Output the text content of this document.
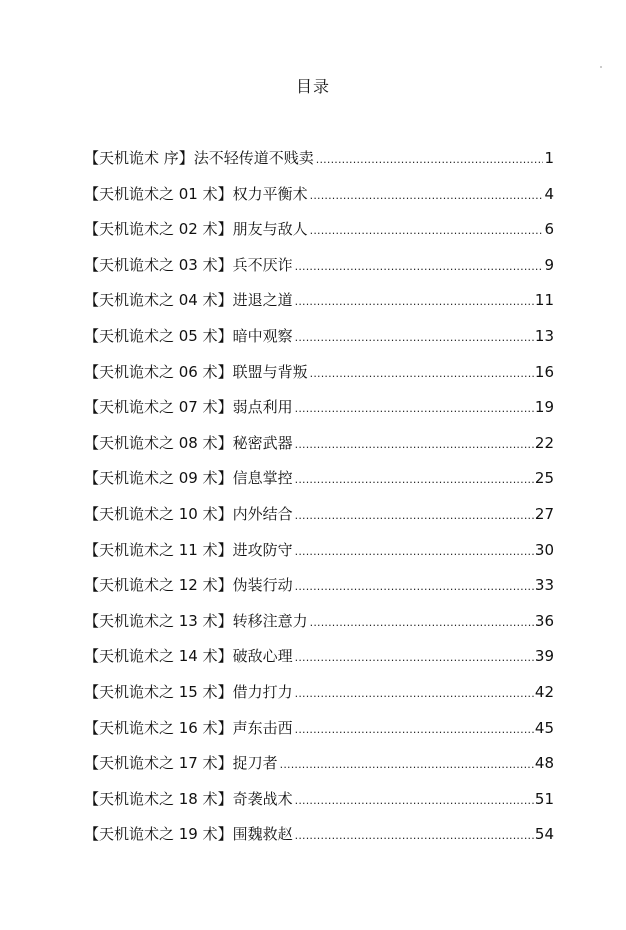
目录
【天机诡术 序】法不轻传道不贱卖 .....	1
【天机诡术之 01 术】权力平衡术 .....	4
【天机诡术之 02 术】朋友与敌人 .....	6
【天机诡术之 03 术】兵不厌诈 .....	9
【天机诡术之 04 术】进退之道 .....	11
【天机诡术之 05 术】暗中观察 .....	13
【天机诡术之 06 术】联盟与背叛 .....	16
【天机诡术之 07 术】弱点利用 .....	19
【天机诡术之 08 术】秘密武器 .....	22
【天机诡术之 09 术】信息掌控 .....	25
【天机诡术之 10 术】内外结合 .....	27
【天机诡术之 11 术】进攻防守 .....	30
【天机诡术之 12 术】伪装行动 .....	33
【天机诡术之 13 术】转移注意力 .....	36
【天机诡术之 14 术】破敌心理 .....	39
【天机诡术之 15 术】借力打力 .....	42
【天机诡术之 16 术】声东击西 .....	45
【天机诡术之 17 术】捉刀者 .....	48
【天机诡术之 18 术】奇袭战术 .....	51
【天机诡术之 19 术】围魏救赵 .....	54
